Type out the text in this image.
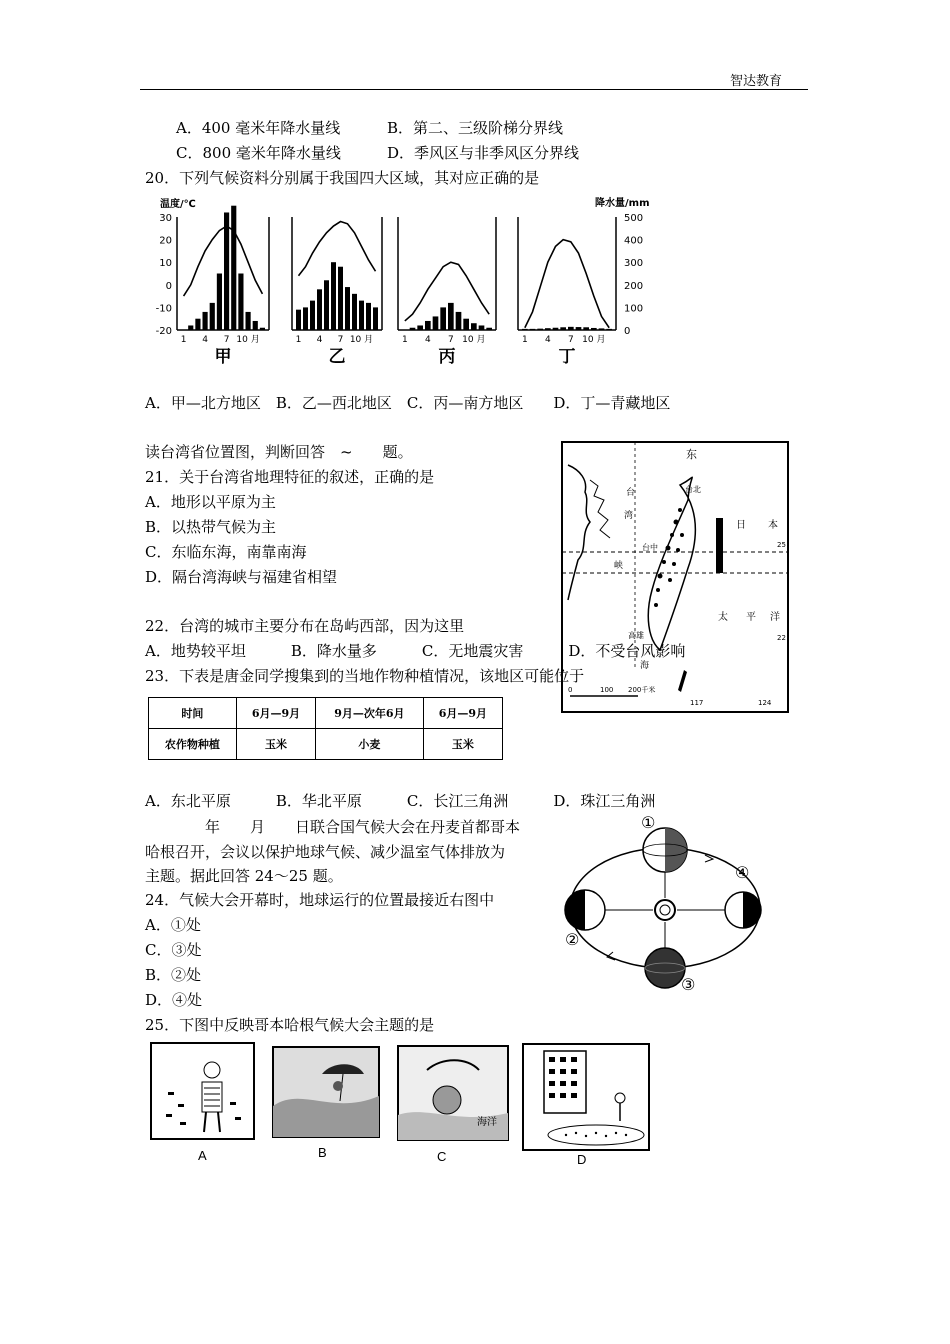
智达教育
A．400 毫米年降水量线	B．第二、三级阶梯分界线
C．800 毫米年降水量线	D．季风区与非季风区分界线
20．下列气候资料分别属于我国四大区域，其对应正确的是
温度/℃	降水量/mm
30
20
10
0
-10
-20
500
400
300
200
100
0
1 4 7 10 月
甲
1 4 7 10 月
乙
1 4 7 10 月
丙
1 4 7 10 月
丁
A．甲—北方地区　B．乙—西北地区　C．丙—南方地区　　D．丁—青藏地区
读台湾省位置图，判断回答　~　　题。
21．关于台湾省地理特征的叙述，正确的是
A．地形以平原为主
B．以热带气候为主
C．东临东海，南靠南海
D．隔台湾海峡与福建省相望
22．台湾的城市主要分布在岛屿西部，因为这里
A．地势较平坦　　　B．降水量多　　　C．无地震灾害　　　D．不受台风影响
东
台
湾
峡
太 平 洋
日 本
台中
台北
高雄
海
25
22
124
117
0	100 200千米
23．下表是唐金同学搜集到的当地作物种植情况，该地区可能位于
时间	6月—9月	9月—次年6月	6月—9月
农作物种植	玉米	小麦	玉米
A．东北平原　　　B．华北平原　　　C．长江三角洲　　　D．珠江三角洲
　　　　年　　月　　日联合国气候大会在丹麦首都哥本
哈根召开，会议以保护地球气候、减少温室气体排放为
主题。据此回答 24～25 题。
24．气候大会开幕时，地球运行的位置最接近右图中
A．①处
C．③处
B．②处
D．④处
①
②
③
④
25．下图中反映哥本哈根气候大会主题的是
海洋
A	B	C	D
